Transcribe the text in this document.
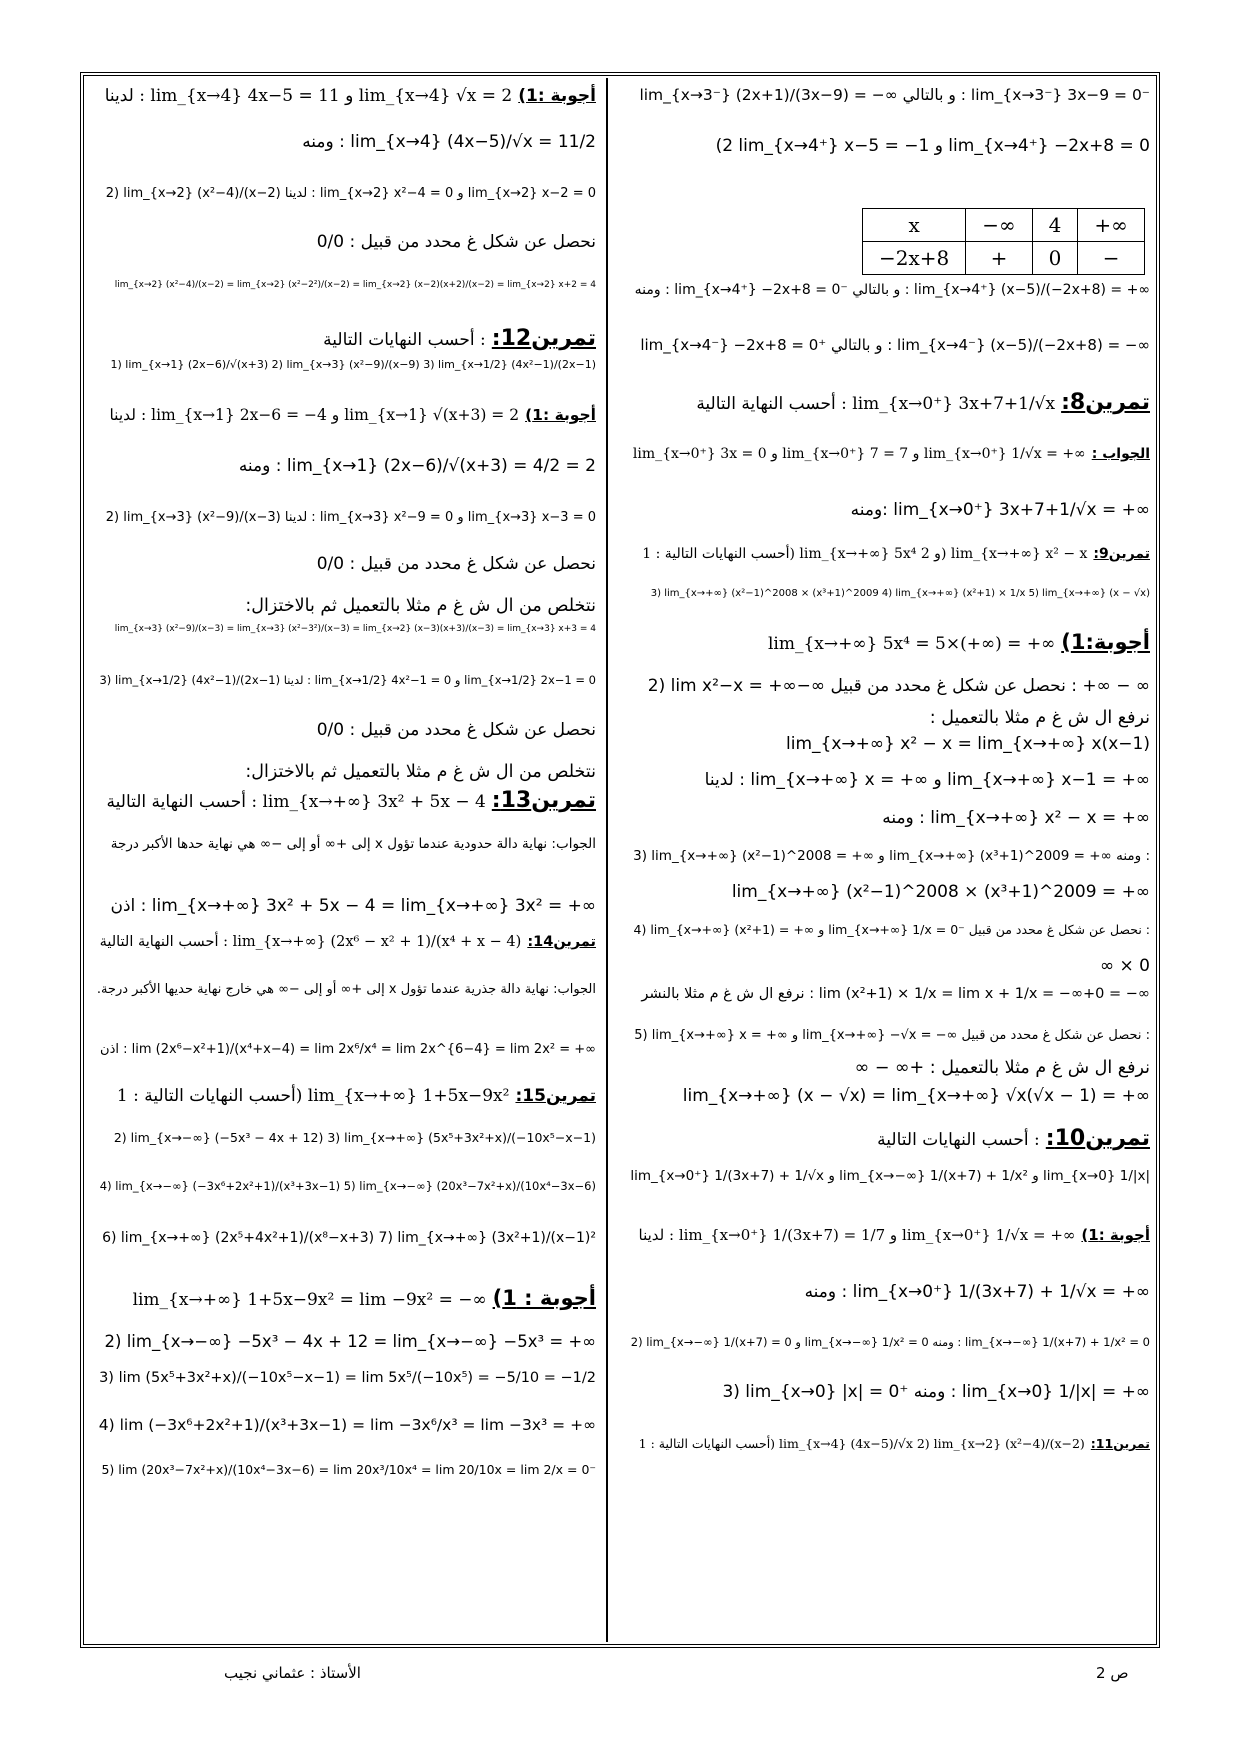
lim_{x→3⁻} (2x+1)/(3x−9) = −∞ و بالتالي : lim_{x→3⁻} 3x−9 = 0⁻
(2 lim_{x→4⁺} x−5 = −1 و lim_{x→4⁺} −2x+8 = 0
ومنه : lim_{x→4⁺} −2x+8 = 0⁻ و بالتالي : lim_{x→4⁺} (x−5)/(−2x+8) = +∞
lim_{x→4⁻} −2x+8 = 0⁺ و بالتالي : lim_{x→4⁻} (x−5)/(−2x+8) = −∞
تمرين8:أحسب النهاية التالية : lim_{x→0⁺} 3x+7+1/√x
الجواب :lim_{x→0⁺} 3x = 0 و lim_{x→0⁺} 7 = 7 و lim_{x→0⁺} 1/√x = +∞
ومنه: lim_{x→0⁺} 3x+7+1/√x = +∞
تمرين9:أحسب النهايات التالية : 1) lim_{x→+∞} 5x⁴ و 2) lim_{x→+∞} x² − x
3) lim_{x→+∞} (x²−1)^2008 × (x³+1)^2009 4) lim_{x→+∞} (x²+1) × 1/x 5) lim_{x→+∞} (x − √x)
أجوبة:1)lim_{x→+∞} 5x⁴ = 5×(+∞) = +∞
2) lim x²−x = +∞−∞ نحصل عن شكل غ محدد من قبيل : +∞ − ∞
نرفع ال ش غ م مثلا بالتعميل :
lim_{x→+∞} x² − x = lim_{x→+∞} x(x−1)
لدينا : lim_{x→+∞} x = +∞ و lim_{x→+∞} x−1 = +∞
ومنه : lim_{x→+∞} x² − x = +∞
3) lim_{x→+∞} (x²−1)^2008 = +∞ و lim_{x→+∞} (x³+1)^2009 = +∞ ومنه :
lim_{x→+∞} (x²−1)^2008 × (x³+1)^2009 = +∞
4) lim_{x→+∞} (x²+1) = +∞ و lim_{x→+∞} 1/x = 0⁻ نحصل عن شكل غ محدد من قبيل :
∞ × 0
نرفع ال ش غ م مثلا بالنشر : lim (x²+1) × 1/x = lim x + 1/x = −∞+0 = −∞
5) lim_{x→+∞} x = +∞ و lim_{x→+∞} −√x = −∞ نحصل عن شكل غ محدد من قبيل :
نرفع ال ش غ م مثلا بالتعميل : +∞ − ∞
lim_{x→+∞} (x − √x) = lim_{x→+∞} √x(√x − 1) = +∞
تمرين10:أحسب النهايات التالية :
lim_{x→0⁺} 1/(3x+7) + 1/√x و lim_{x→−∞} 1/(x+7) + 1/x² و lim_{x→0} 1/|x|
أجوبة :1)لدينا : lim_{x→0⁺} 1/(3x+7) = 1/7 و lim_{x→0⁺} 1/√x = +∞
ومنه : lim_{x→0⁺} 1/(3x+7) + 1/√x = +∞
2) lim_{x→−∞} 1/(x+7) = 0 و lim_{x→−∞} 1/x² = 0 ومنه : lim_{x→−∞} 1/(x+7) + 1/x² = 0
3) lim_{x→0} |x| = 0⁺ ومنه : lim_{x→0} 1/|x| = +∞
تمرين11:أحسب النهايات التالية : 1) lim_{x→4} (4x−5)/√x 2) lim_{x→2} (x²−4)/(x−2)
أجوبة :1)لدينا : lim_{x→4} 4x−5 = 11 و lim_{x→4} √x = 2
ومنه : lim_{x→4} (4x−5)/√x = 11/2
2) lim_{x→2} (x²−4)/(x−2) لدينا : lim_{x→2} x²−4 = 0 و lim_{x→2} x−2 = 0
نحصل عن شكل غ محدد من قبيل : 0/0
lim_{x→2} (x²−4)/(x−2) = lim_{x→2} (x²−2²)/(x−2) = lim_{x→2} (x−2)(x+2)/(x−2) = lim_{x→2} x+2 = 4
تمرين12:أحسب النهايات التالية :
1) lim_{x→1} (2x−6)/√(x+3) 2) lim_{x→3} (x²−9)/(x−9) 3) lim_{x→1/2} (4x²−1)/(2x−1)
أجوبة :1)لدينا : lim_{x→1} 2x−6 = −4 و lim_{x→1} √(x+3) = 2
ومنه : lim_{x→1} (2x−6)/√(x+3) = 4/2 = 2
2) lim_{x→3} (x²−9)/(x−3) لدينا : lim_{x→3} x²−9 = 0 و lim_{x→3} x−3 = 0
نحصل عن شكل غ محدد من قبيل : 0/0
نتخلص من ال ش غ م مثلا بالتعميل ثم بالاختزال:
lim_{x→3} (x²−9)/(x−3) = lim_{x→3} (x²−3²)/(x−3) = lim_{x→2} (x−3)(x+3)/(x−3) = lim_{x→3} x+3 = 4
3) lim_{x→1/2} (4x²−1)/(2x−1) لدينا : lim_{x→1/2} 4x²−1 = 0 و lim_{x→1/2} 2x−1 = 0
نحصل عن شكل غ محدد من قبيل : 0/0
نتخلص من ال ش غ م مثلا بالتعميل ثم بالاختزال:
تمرين13:أحسب النهاية التالية : lim_{x→+∞} 3x² + 5x − 4
الجواب: نهاية دالة حدودية عندما تؤول x إلى +∞ أو إلى −∞ هي نهاية حدها الأكبر درجة
اذن : lim_{x→+∞} 3x² + 5x − 4 = lim_{x→+∞} 3x² = +∞
تمرين14:أحسب النهاية التالية : lim_{x→+∞} (2x⁶ − x² + 1)/(x⁴ + x − 4)
الجواب: نهاية دالة جذرية عندما تؤول x إلى +∞ أو إلى −∞ هي خارج نهاية حديها الأكبر درجة.
اذن : lim (2x⁶−x²+1)/(x⁴+x−4) = lim 2x⁶/x⁴ = lim 2x^{6−4} = lim 2x² = +∞
تمرين15:أحسب النهايات التالية : 1) lim_{x→+∞} 1+5x−9x²
2) lim_{x→−∞} (−5x³ − 4x + 12) 3) lim_{x→+∞} (5x⁵+3x²+x)/(−10x⁵−x−1)
4) lim_{x→−∞} (−3x⁶+2x²+1)/(x³+3x−1) 5) lim_{x→−∞} (20x³−7x²+x)/(10x⁴−3x−6)
6) lim_{x→+∞} (2x⁵+4x²+1)/(x⁸−x+3) 7) lim_{x→+∞} (3x²+1)/(x−1)²
أجوبة : 1)lim_{x→+∞} 1+5x−9x² = lim −9x² = −∞
2) lim_{x→−∞} −5x³ − 4x + 12 = lim_{x→−∞} −5x³ = +∞
3) lim (5x⁵+3x²+x)/(−10x⁵−x−1) = lim 5x⁵/(−10x⁵) = −5/10 = −1/2
4) lim (−3x⁶+2x²+1)/(x³+3x−1) = lim −3x⁶/x³ = lim −3x³ = +∞
5) lim (20x³−7x²+x)/(10x⁴−3x−6) = lim 20x³/10x⁴ = lim 20/10x = lim 2/x = 0⁻
x	−∞	4	+∞
−2x+8	+	0	−
الأستاذ : عثماني نجيب	ص 2
